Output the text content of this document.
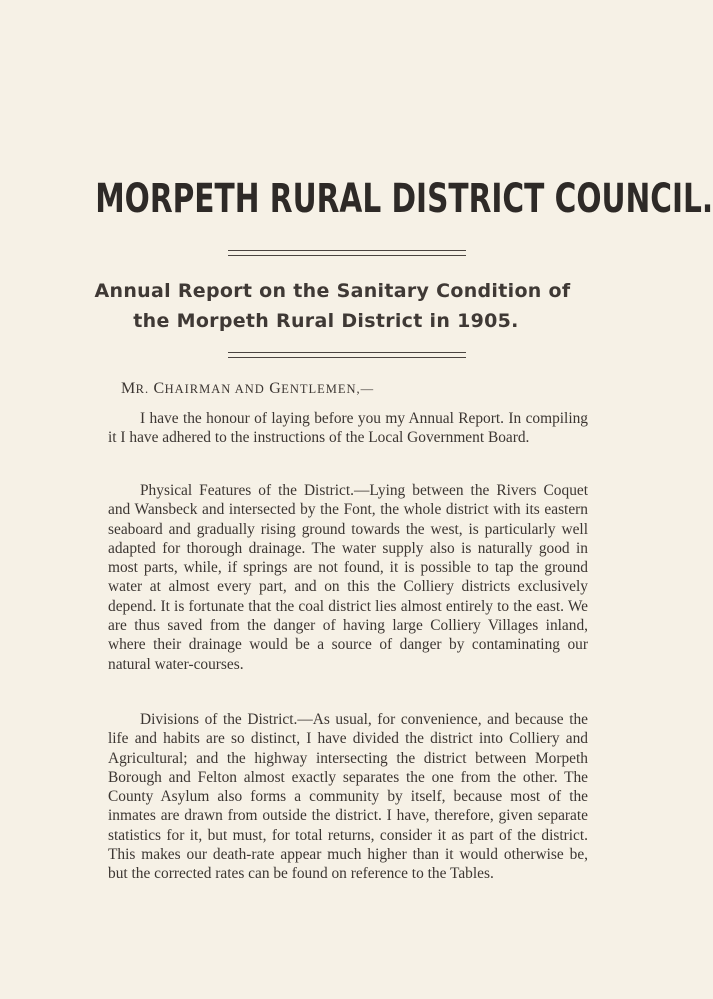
MORPETH RURAL DISTRICT COUNCIL.
Annual Report on the Sanitary Condition of
the Morpeth Rural District in 1905.
MR. CHAIRMAN AND GENTLEMEN,—

I have the honour of laying before you my Annual Report. In compiling it I have adhered to the instructions of the Local Government Board.

Physical Features of the District.—Lying between the Rivers Coquet and Wansbeck and intersected by the Font, the whole district with its eastern seaboard and gradually rising ground towards the west, is particularly well adapted for thorough drainage. The water supply also is naturally good in most parts, while, if springs are not found, it is possible to tap the ground water at almost every part, and on this the Colliery districts exclusively depend. It is fortunate that the coal district lies almost entirely to the east. We are thus saved from the danger of having large Colliery Villages inland, where their drainage would be a source of danger by contaminating our natural water-courses.

Divisions of the District.—As usual, for convenience, and because the life and habits are so distinct, I have divided the district into Colliery and Agricultural; and the highway intersecting the district between Morpeth Borough and Felton almost exactly separates the one from the other. The County Asylum also forms a community by itself, because most of the inmates are drawn from outside the district. I have, therefore, given separate statistics for it, but must, for total returns, consider it as part of the district. This makes our death-rate appear much higher than it would otherwise be, but the corrected rates can be found on reference to the Tables.
